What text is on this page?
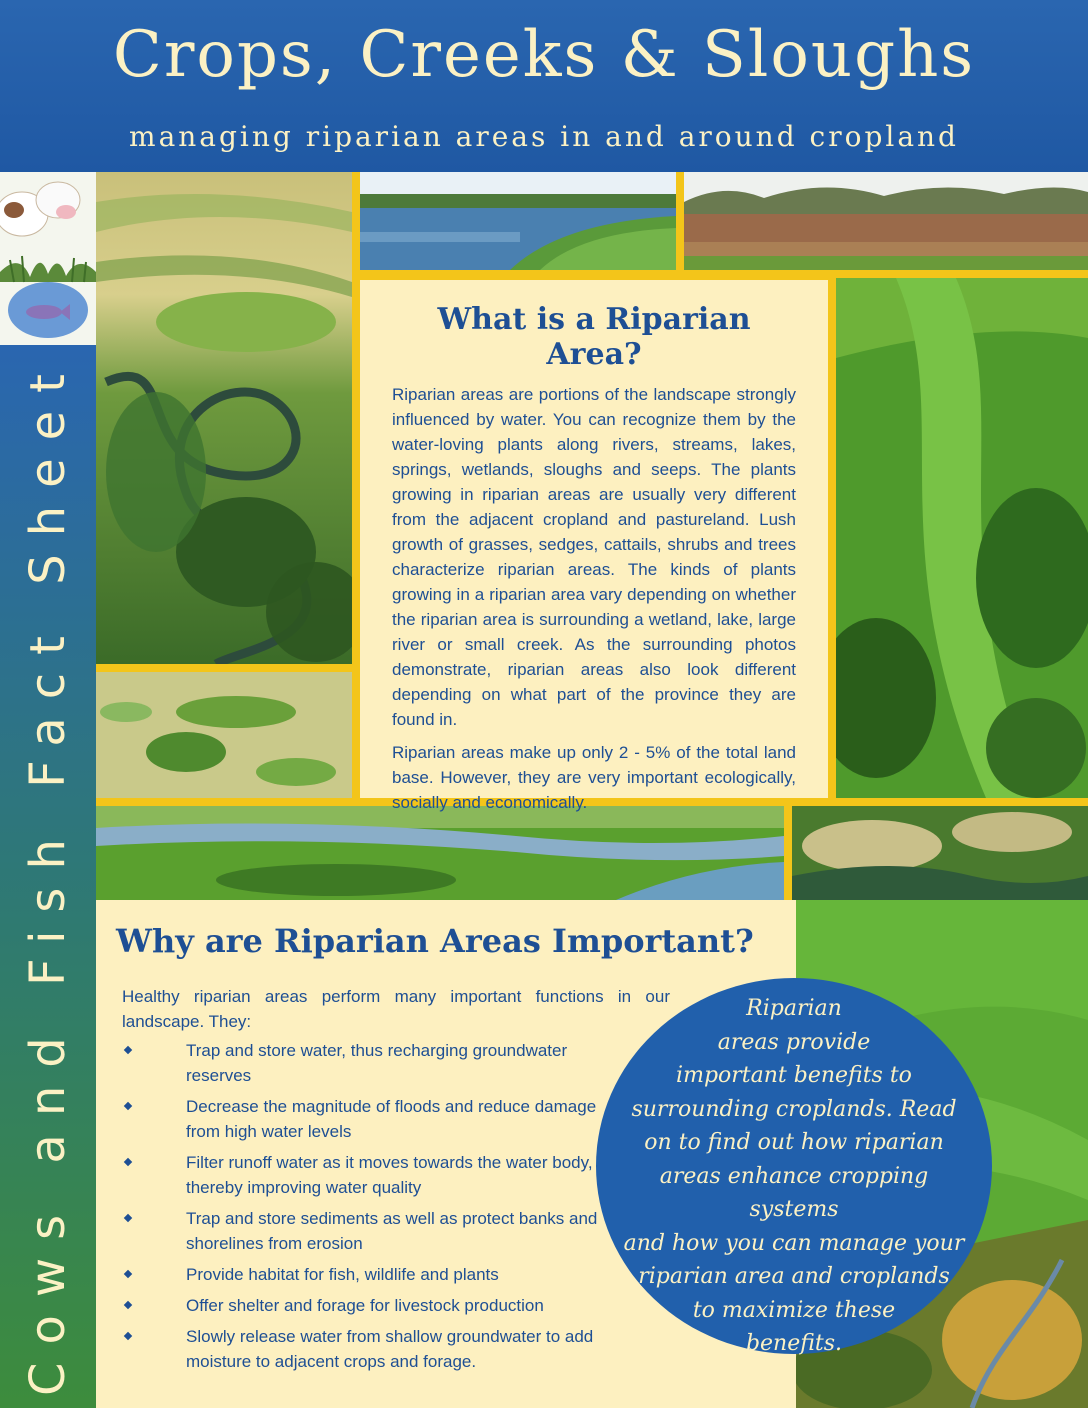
Crops, Creeks & Sloughs
managing riparian areas in and around cropland
Cows and Fish Fact Sheet
What is a Riparian Area?

Riparian areas are portions of the landscape strongly influenced by water. You can recognize them by the water-loving plants along rivers, streams, lakes, springs, wetlands, sloughs and seeps. The plants growing in riparian areas are usually very different from the adjacent cropland and pastureland. Lush growth of grasses, sedges, cattails, shrubs and trees characterize riparian areas. The kinds of plants growing in a riparian area vary depending on whether the riparian area is surrounding a wetland, lake, large river or small creek. As the surrounding photos demonstrate, riparian areas also look different depending on what part of the province they are found in.

Riparian areas make up only 2 - 5% of the total land base. However, they are very important ecologically, socially and economically.

Why are Riparian Areas Important?

Healthy riparian areas perform many important functions in our landscape. They:

Trap and store water, thus recharging groundwater reserves
Decrease the magnitude of floods and reduce damage from high water levels
Filter runoff water as it moves towards the water body, thereby improving water quality
Trap and store sediments as well as protect banks and shorelines from erosion
Provide habitat for fish, wildlife and plants
Offer shelter and forage for livestock production
Slowly release water from shallow groundwater to add moisture to adjacent crops and forage.
Riparian
areas provide
important benefits to
surrounding croplands. Read
on to find out how riparian
areas enhance cropping systems
and how you can manage your
riparian area and croplands
to maximize these
benefits.
